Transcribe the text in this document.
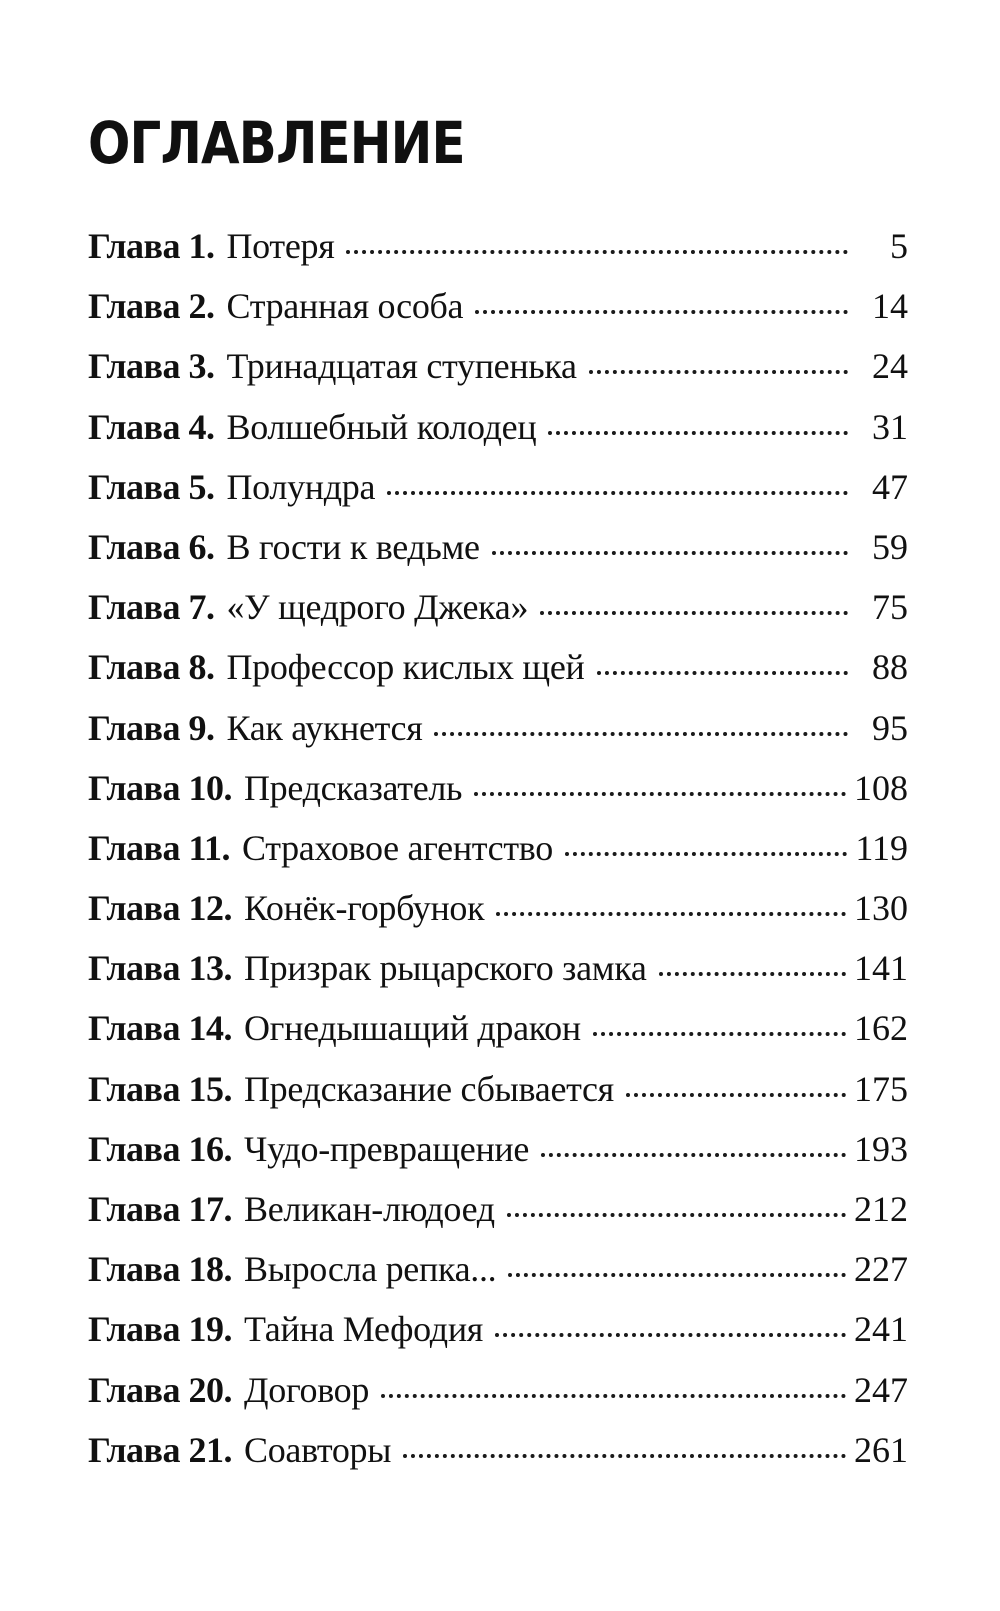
ОГЛАВЛЕНИЕ
Глава 1. Потеря	5
Глава 2. Странная особа	14
Глава 3. Тринадцатая ступенька	24
Глава 4. Волшебный колодец	31
Глава 5. Полундра	47
Глава 6. В гости к ведьме	59
Глава 7. «У щедрого Джека»	75
Глава 8. Профессор кислых щей	88
Глава 9. Как аукнется	95
Глава 10. Предсказатель	108
Глава 11. Страховое агентство	119
Глава 12. Конёк-горбунок	130
Глава 13. Призрак рыцарского замка	141
Глава 14. Огнедышащий дракон	162
Глава 15. Предсказание сбывается	175
Глава 16. Чудо-превращение	193
Глава 17. Великан-людоед	212
Глава 18. Выросла репка...	227
Глава 19. Тайна Мефодия	241
Глава 20. Договор	247
Глава 21. Соавторы	261
